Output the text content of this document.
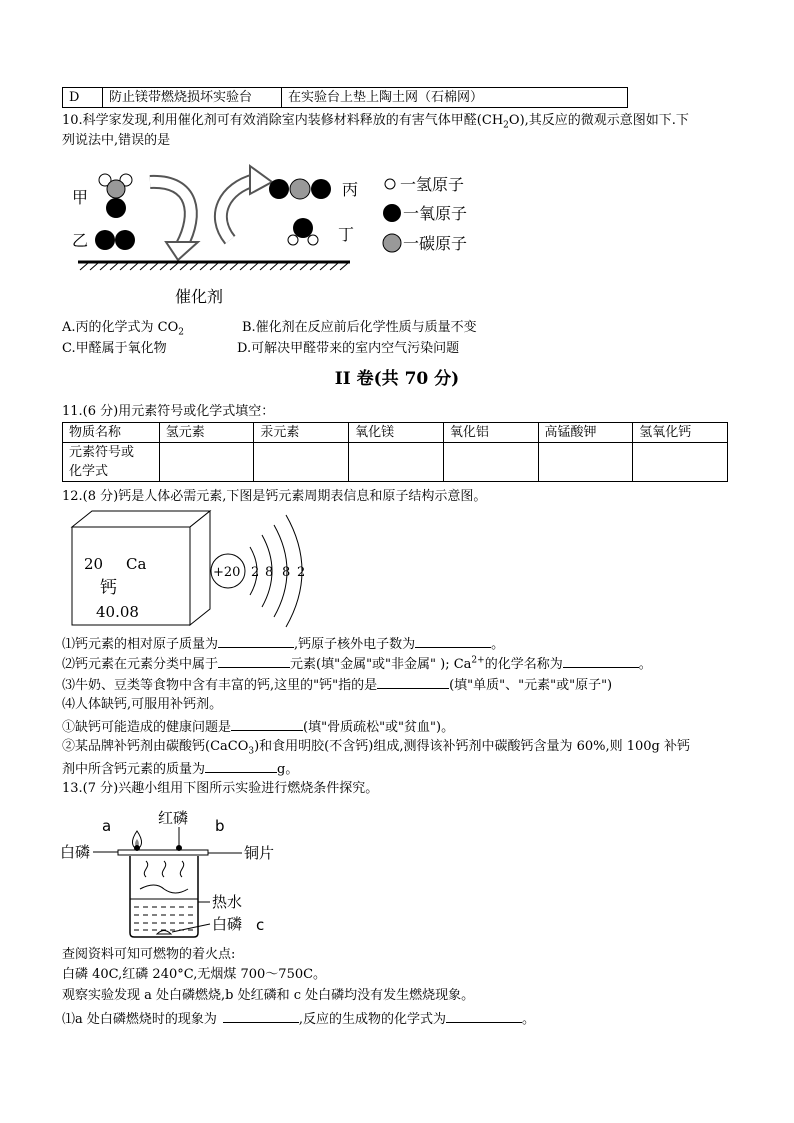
D	防止镁带燃烧损坏实验台	在实验台上垫上陶土网（石棉网）
10.科学家发现,利用催化剂可有效消除室内装修材料释放的有害气体甲醛$(CH_2O)$,其反应的微观示意图如下.下
列说法中,错误的是
甲
乙
丙
丁
催化剂
一氢原子
一氧原子
一碳原子
A.丙的化学式为 $CO_2$	B.催化剂在反应前后化学性质与质量不变
C.甲醛属于氧化物	D.可解决甲醛带来的室内空气污染问题
II 卷(共 70 分)
11.(6 分)用元素符号或化学式填空：
物质名称	氢元素	汞元素	氧化镁	氧化铝	高锰酸钾	氢氧化钙

元素符号或
化学式						

12.(8 分)钙是人体必需元素,下图是钙元素周期表信息和原子结构示意图。
20 Ca
钙
40.08
+20 2 8 8 2
⑴钙元素的相对原子质量为	,钙原子核外电子数为	。
⑵钙元素在元素分类中属于	元素(填"金属"或"非金属" ); $Ca^{2+}$的化学名称为	。
⑶牛奶、豆类等食物中含有丰富的钙,这里的"钙"指的是	(填"单质"、"元素"或"原子")
⑷人体缺钙,可服用补钙剂。
①缺钙可能造成的健康问题是	(填"骨质疏松"或"贫血")。
②某品牌补钙剂由碳酸钙(CaCO$_3$)和食用明胶(不含钙)组成,测得该补钙剂中碳酸钙含量为 60%,则 100g 补钙
剂中所含钙元素的质量为	g。
13.(7 分)兴趣小组用下图所示实验进行燃烧条件探究。
a	b
红磷
白磷	铜片
热水
白磷 c
查阅资料可知可燃物的着火点:
白磷 40C,红磷 240°C,无烟煤 700～750C。
观察实验发现 a 处白磷燃烧,b 处红磷和 c 处白磷均没有发生燃烧现象。
⑴a 处白磷燃烧时的现象为	,反应的生成物的化学式为	。
